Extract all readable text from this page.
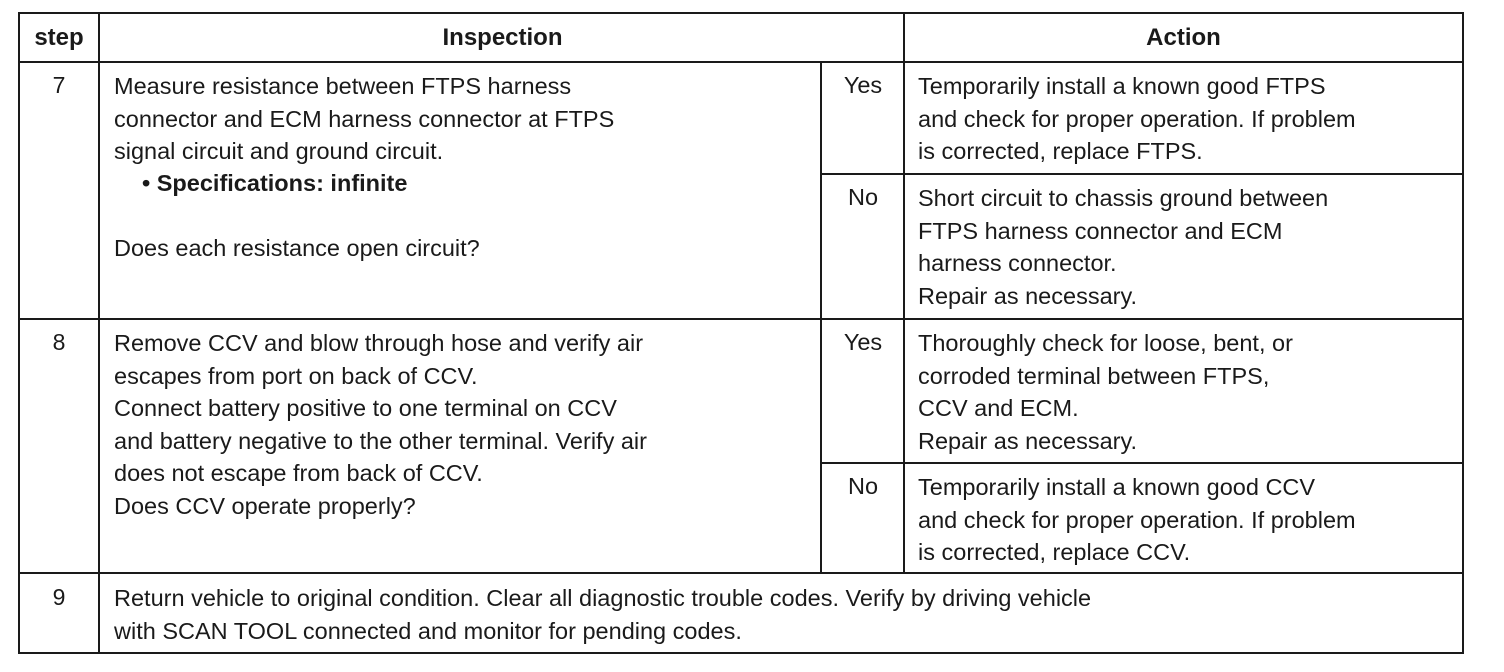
step	Inspection	Action
7	Measure resistance between FTPS harness
connector and ECM harness connector at FTPS
signal circuit and ground circuit.
• Specifications: infinite
Does each resistance open circuit?
Yes	Temporarily install a known good FTPS
and check for proper operation. If problem
is corrected, replace FTPS.
No	Short circuit to chassis ground between
FTPS harness connector and ECM
harness connector.
Repair as necessary.
8	Remove CCV and blow through hose and verify air
escapes from port on back of CCV.
Connect battery positive to one terminal on CCV
and battery negative to the other terminal. Verify air
does not escape from back of CCV.
Does CCV operate properly?
Yes	Thoroughly check for loose, bent, or
corroded terminal between FTPS,
CCV and ECM.
Repair as necessary.
No	Temporarily install a known good CCV
and check for proper operation. If problem
is corrected, replace CCV.
9	Return vehicle to original condition. Clear all diagnostic trouble codes. Verify by driving vehicle
with SCAN TOOL connected and monitor for pending codes.
